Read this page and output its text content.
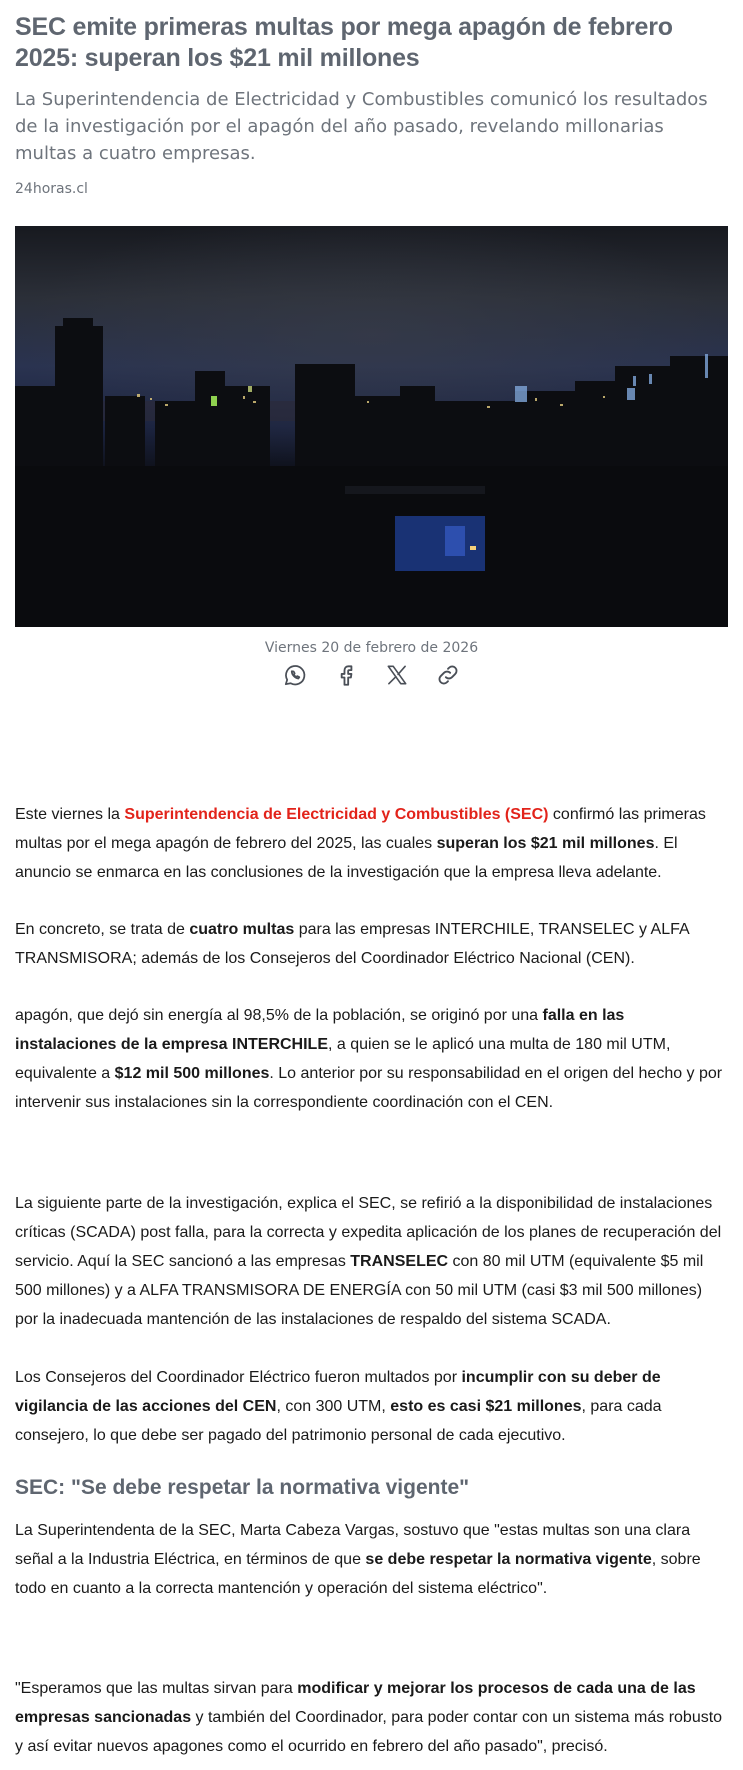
SEC emite primeras multas por mega apagón de febrero 2025: superan los $21 mil millones

La Superintendencia de Electricidad y Combustibles comunicó los resultados de la investigación por el apagón del año pasado, revelando millonarias multas a cuatro empresas.

24horas.cl
Viernes 20 de febrero de 2026

Este viernes la Superintendencia de Electricidad y Combustibles (SEC) confirmó las primeras multas por el mega apagón de febrero del 2025, las cuales superan los $21 mil millones. El anuncio se enmarca en las conclusiones de la investigación que la empresa lleva adelante.

En concreto, se trata de cuatro multas para las empresas INTERCHILE, TRANSELEC y ALFA TRANSMISORA; además de los Consejeros del Coordinador Eléctrico Nacional (CEN).

apagón, que dejó sin energía al 98,5% de la población, se originó por una falla en las instalaciones de la empresa INTERCHILE, a quien se le aplicó una multa de 180 mil UTM, equivalente a $12 mil 500 millones. Lo anterior por su responsabilidad en el origen del hecho y por intervenir sus instalaciones sin la correspondiente coordinación con el CEN.

La siguiente parte de la investigación, explica el SEC, se refirió a la disponibilidad de instalaciones críticas (SCADA) post falla, para la correcta y expedita aplicación de los planes de recuperación del servicio. Aquí la SEC sancionó a las empresas TRANSELEC con 80 mil UTM (equivalente $5 mil 500 millones) y a ALFA TRANSMISORA DE ENERGÍA con 50 mil UTM (casi $3 mil 500 millones) por la inadecuada mantención de las instalaciones de respaldo del sistema SCADA.

Los Consejeros del Coordinador Eléctrico fueron multados por incumplir con su deber de vigilancia de las acciones del CEN, con 300 UTM, esto es casi $21 millones, para cada consejero, lo que debe ser pagado del patrimonio personal de cada ejecutivo.

SEC: "Se debe respetar la normativa vigente"

La Superintendenta de la SEC, Marta Cabeza Vargas, sostuvo que "estas multas son una clara señal a la Industria Eléctrica, en términos de que se debe respetar la normativa vigente, sobre todo en cuanto a la correcta mantención y operación del sistema eléctrico".

"Esperamos que las multas sirvan para modificar y mejorar los procesos de cada una de las empresas sancionadas y también del Coordinador, para poder contar con un sistema más robusto y así evitar nuevos apagones como el ocurrido en febrero del año pasado", precisó.
